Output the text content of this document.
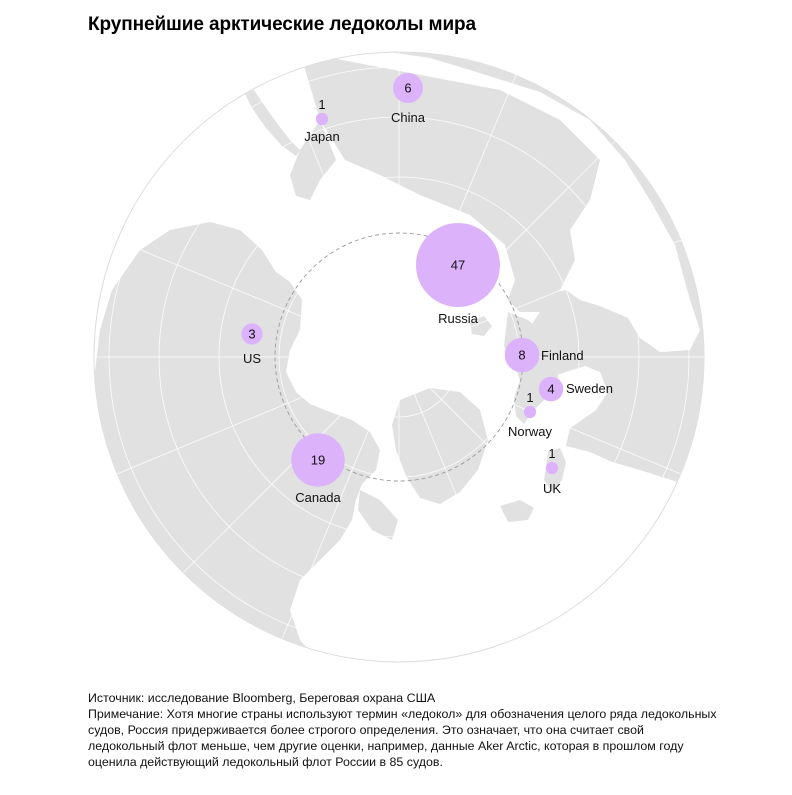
Крупнейшие арктические ледоколы мира
47
Russia
19
Canada
8 Finland
6
China
4 Sweden
3
US
1
Japan
1
Norway
1
UK
Источник: исследование Bloomberg, Береговая охрана США
Примечание: Хотя многие страны используют термин «ледокол» для обозначения целого ряда ледокольных судов, Россия придерживается более строгого определения. Это означает, что она считает свой ледокольный флот меньше, чем другие оценки, например, данные Aker Arctic, которая в прошлом году оценила действующий ледокольный флот России в 85 судов.
